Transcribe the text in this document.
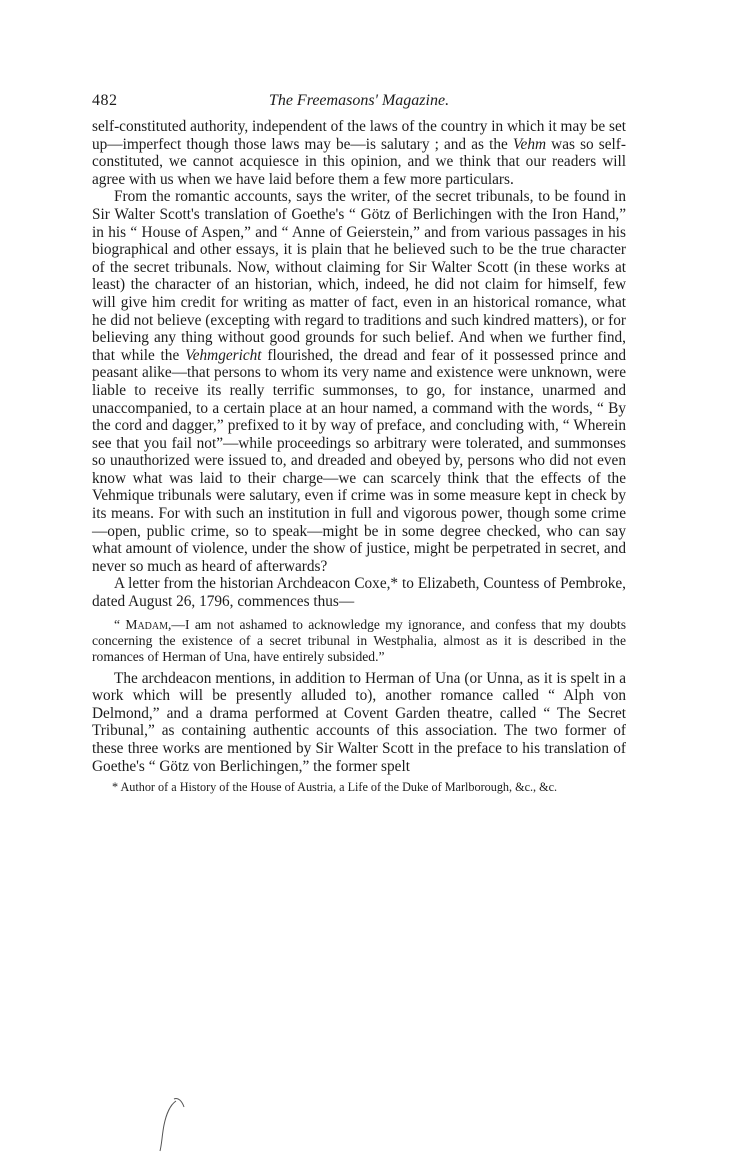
482	The Freemasons' Magazine.

self-constituted authority, independent of the laws of the country in which it may be set up—imperfect though those laws may be—is salutary ; and as the Vehm was so self-constituted, we cannot acquiesce in this opinion, and we think that our readers will agree with us when we have laid before them a few more particulars.

From the romantic accounts, says the writer, of the secret tribunals, to be found in Sir Walter Scott's translation of Goethe's “ Götz of Berlichingen with the Iron Hand,” in his “ House of Aspen,” and “ Anne of Geierstein,” and from various passages in his biographical and other essays, it is plain that he believed such to be the true character of the secret tribunals. Now, without claiming for Sir Walter Scott (in these works at least) the character of an historian, which, indeed, he did not claim for himself, few will give him credit for writing as matter of fact, even in an historical romance, what he did not believe (excepting with regard to traditions and such kindred matters), or for believing any thing without good grounds for such belief. And when we further find, that while the Vehmgericht flourished, the dread and fear of it possessed prince and peasant alike—that persons to whom its very name and existence were unknown, were liable to receive its really terrific summonses, to go, for instance, unarmed and unaccompanied, to a certain place at an hour named, a command with the words, “ By the cord and dagger,” prefixed to it by way of preface, and concluding with, “ Wherein see that you fail not”—while proceedings so arbitrary were tolerated, and summonses so unauthorized were issued to, and dreaded and obeyed by, persons who did not even know what was laid to their charge—we can scarcely think that the effects of the Vehmique tribunals were salutary, even if crime was in some measure kept in check by its means. For with such an institution in full and vigorous power, though some crime—open, public crime, so to speak—might be in some degree checked, who can say what amount of violence, under the show of justice, might be perpetrated in secret, and never so much as heard of afterwards?

A letter from the historian Archdeacon Coxe,* to Elizabeth, Countess of Pembroke, dated August 26, 1796, commences thus—

“ Madam,—I am not ashamed to acknowledge my ignorance, and confess that my doubts concerning the existence of a secret tribunal in Westphalia, almost as it is described in the romances of Herman of Una, have entirely subsided.”

The archdeacon mentions, in addition to Herman of Una (or Unna, as it is spelt in a work which will be presently alluded to), another romance called “ Alph von Delmond,” and a drama performed at Covent Garden theatre, called “ The Secret Tribunal,” as containing authentic accounts of this association. The two former of these three works are mentioned by Sir Walter Scott in the preface to his translation of Goethe's “ Götz von Berlichingen,” the former spelt

* Author of a History of the House of Austria, a Life of the Duke of Marlborough, &c., &c.
